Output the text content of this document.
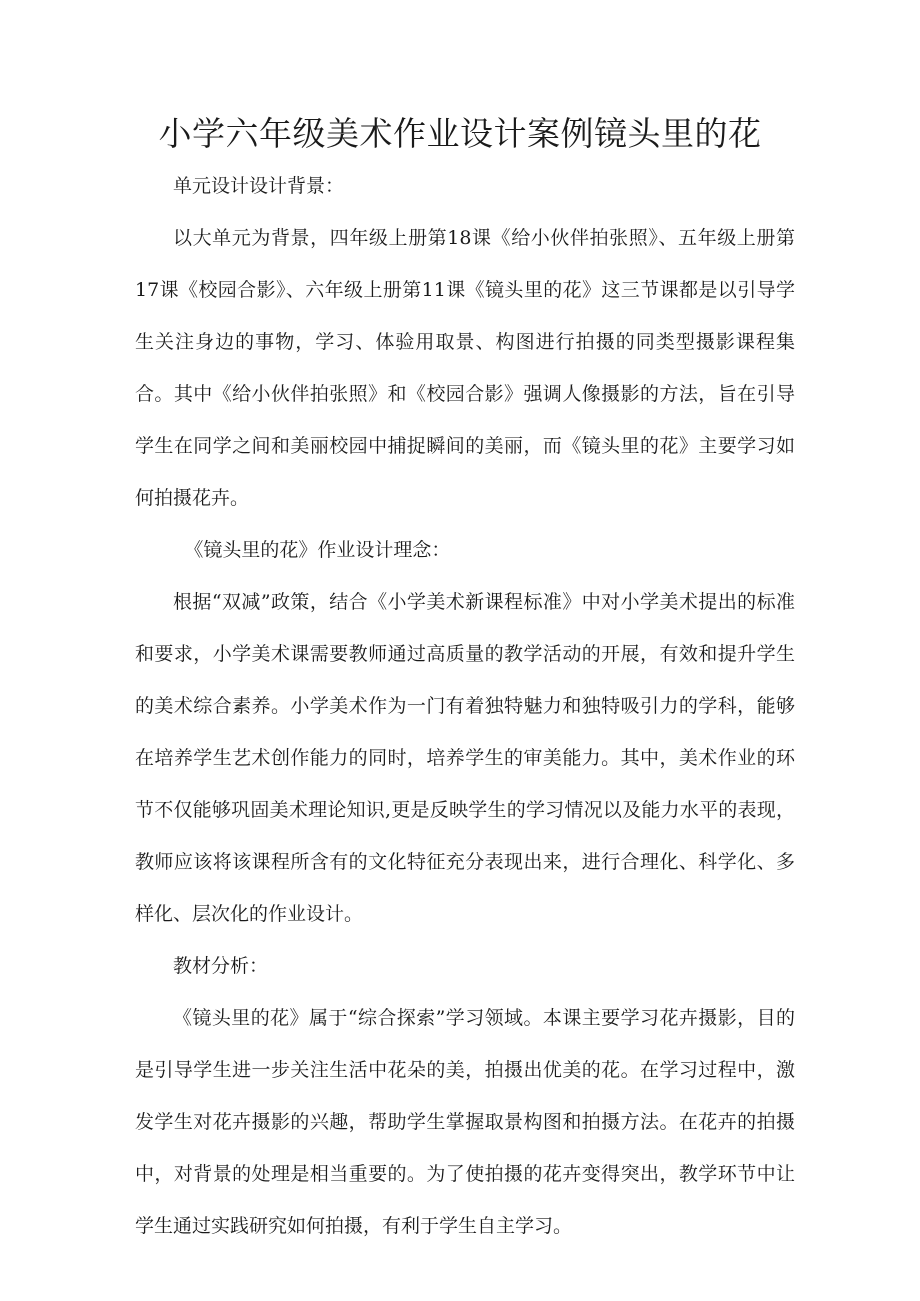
小学六年级美术作业设计案例镜头里的花

单元设计设计背景：

以大单元为背景，四年级上册第18课《给小伙伴拍张照》、五年级上册第17课《校园合影》、六年级上册第11课《镜头里的花》这三节课都是以引导学生关注身边的事物，学习、体验用取景、构图进行拍摄的同类型摄影课程集合。其中《给小伙伴拍张照》和《校园合影》强调人像摄影的方法，旨在引导学生在同学之间和美丽校园中捕捉瞬间的美丽，而《镜头里的花》主要学习如何拍摄花卉。

《镜头里的花》作业设计理念：

根据“双减”政策，结合《小学美术新课程标准》中对小学美术提出的标准和要求，小学美术课需要教师通过高质量的教学活动的开展，有效和提升学生的美术综合素养。小学美术作为一门有着独特魅力和独特吸引力的学科，能够在培养学生艺术创作能力的同时，培养学生的审美能力。其中，美术作业的环节不仅能够巩固美术理论知识,更是反映学生的学习情况以及能力水平的表现，教师应该将该课程所含有的文化特征充分表现出来，进行合理化、科学化、多样化、层次化的作业设计。

教材分析：

《镜头里的花》属于“综合探索”学习领域。本课主要学习花卉摄影，目的是引导学生进一步关注生活中花朵的美，拍摄出优美的花。在学习过程中，激发学生对花卉摄影的兴趣，帮助学生掌握取景构图和拍摄方法。在花卉的拍摄中，对背景的处理是相当重要的。为了使拍摄的花卉变得突出，教学环节中让学生通过实践研究如何拍摄，有利于学生自主学习。
